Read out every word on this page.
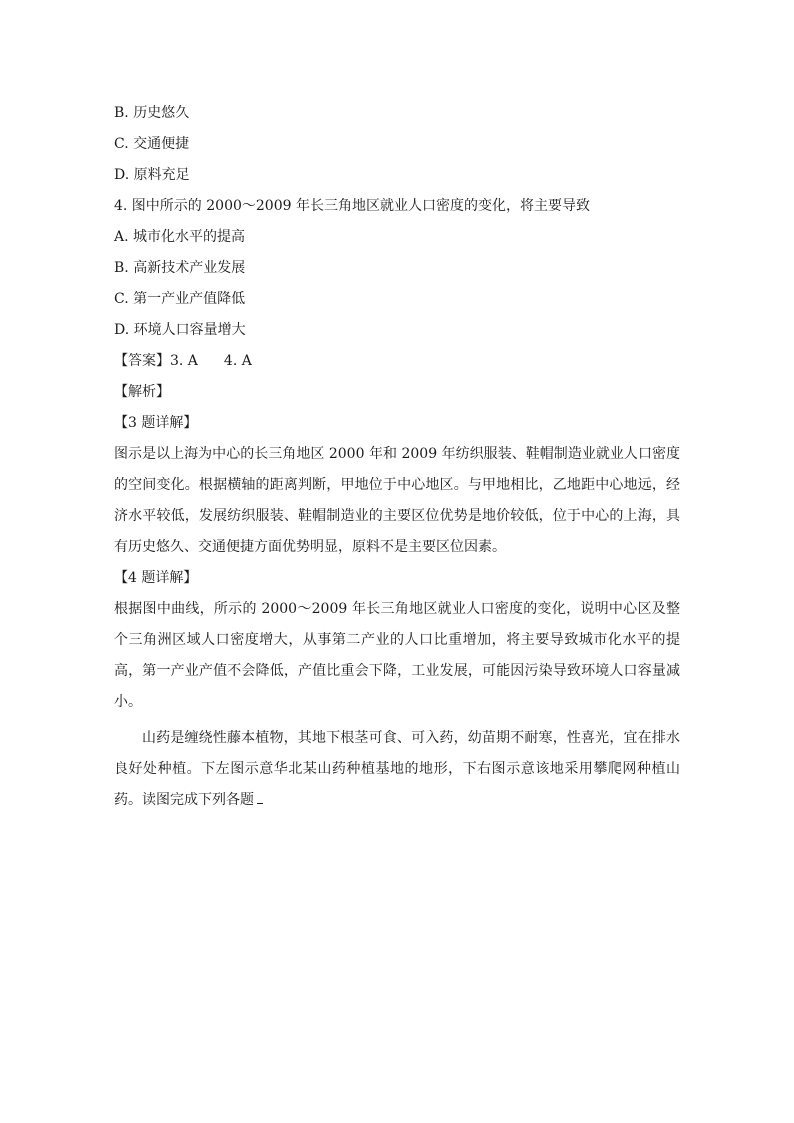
B. 历史悠久
C. 交通便捷
D. 原料充足
4. 图中所示的 2000～2009 年长三角地区就业人口密度的变化，将主要导致
A. 城市化水平的提高
B. 高新技术产业发展
C. 第一产业产值降低
D. 环境人口容量增大
【答案】3. A 4. A
【解析】
【3 题详解】
图示是以上海为中心的长三角地区 2000 年和 2009 年纺织服装、鞋帽制造业就业人口密度的空间变化。根据横轴的距离判断，甲地位于中心地区。与甲地相比，乙地距中心地远，经济水平较低，发展纺织服装、鞋帽制造业的主要区位优势是地价较低，位于中心的上海，具有历史悠久、交通便捷方面优势明显，原料不是主要区位因素。
【4 题详解】
根据图中曲线，所示的 2000～2009 年长三角地区就业人口密度的变化，说明中心区及整个三角洲区域人口密度增大，从事第二产业的人口比重增加，将主要导致城市化水平的提高，第一产业产值不会降低，产值比重会下降，工业发展，可能因污染导致环境人口容量减小。
山药是缠绕性藤本植物，其地下根茎可食、可入药，幼苗期不耐寒，性喜光，宜在排水良好处种植。下左图示意华北某山药种植基地的地形，下右图示意该地采用攀爬网种植山药。读图完成下列各题
